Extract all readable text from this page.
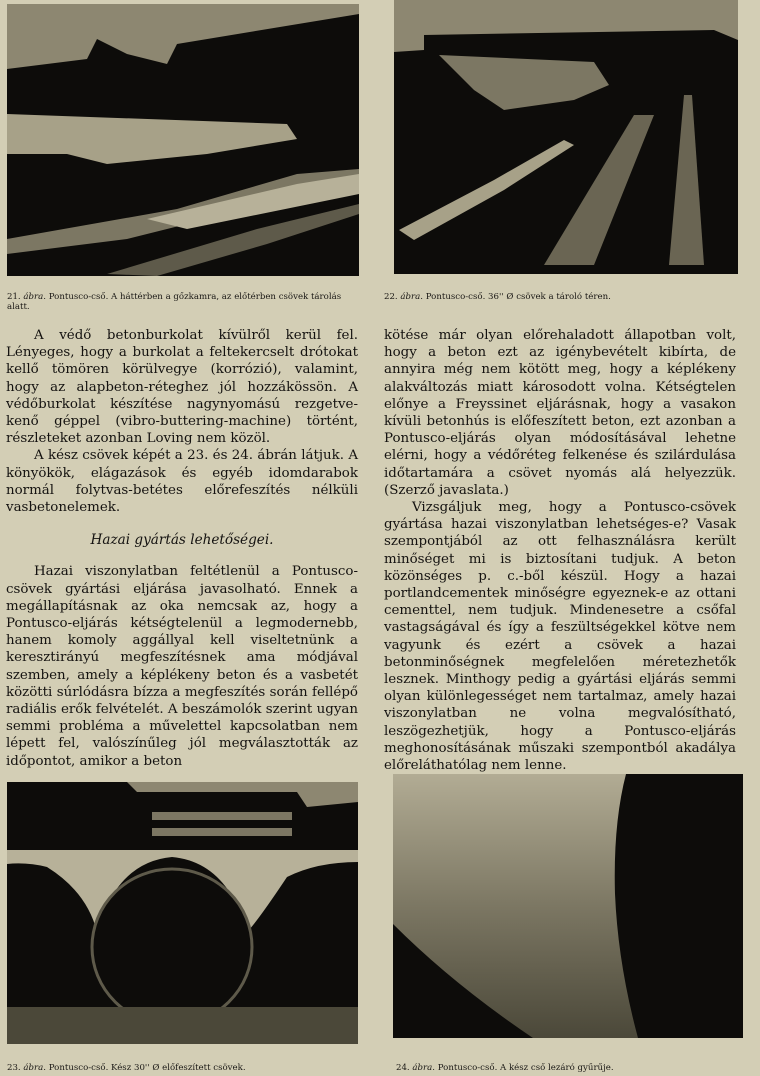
21. ábra. Pontusco-cső. A háttérben a gőzkamra, az előtérben csövek tárolás alatt.
22. ábra. Pontusco-cső. 36'' Ø csövek a tároló téren.

A védő betonburkolat kívülről kerül fel. Lényeges, hogy a burkolat a feltekercselt drótokat kellő tömören körülvegye (korrózió), valamint, hogy az alapbeton-réteghez jól hozzákössön. A védőburkolat készítése nagynyomású rezgetve-kenő géppel (vibro-buttering-machine) történt, részleteket azonban Loving nem közöl.

A kész csövek képét a 23. és 24. ábrán látjuk. A könyökök, elágazások és egyéb idomdarabok normál folytvas-betétes előrefeszítés nélküli vasbetonelemek.

Hazai gyártás lehetőségei.

Hazai viszonylatban feltétlenül a Pontusco-csövek gyártási eljárása javasolható. Ennek a megállapításnak az oka nemcsak az, hogy a Pontusco-eljárás kétségtelenül a legmodernebb, hanem komoly aggállyal kell viseltetnünk a keresztirányú megfeszítésnek ama módjával szemben, amely a képlékeny beton és a vasbetét közötti súrlódásra bízza a megfeszítés során fellépő radiális erők felvételét. A beszámolók szerint ugyan semmi probléma a művelettel kapcsolatban nem lépett fel, valószínűleg jól megválasztották az időpontot, amikor a beton

kötése már olyan előrehaladott állapotban volt, hogy a beton ezt az igénybevételt kibírta, de annyira még nem kötött meg, hogy a képlékeny alakváltozás miatt károsodott volna. Kétségtelen előnye a Freyssinet eljárásnak, hogy a vasakon kívüli betonhús is előfeszített beton, ezt azonban a Pontusco-eljárás olyan módosításával lehetne elérni, hogy a védőréteg felkenése és szilárdulása időtartamára a csövet nyomás alá helyezzük. (Szerző javaslata.)

Vizsgáljuk meg, hogy a Pontusco-csövek gyártása hazai viszonylatban lehetséges-e? Vasak szempontjából az ott felhasználásra került minőséget mi is biztosítani tudjuk. A beton közönséges p. c.-ből készül. Hogy a hazai portlandcementek minőségre egyeznek-e az ottani cementtel, nem tudjuk. Mindenesetre a csőfal vastagságával és így a feszültségekkel kötve nem vagyunk és ezért a csövek a hazai betonminőségnek megfelelően méretezhetők lesznek. Minthogy pedig a gyártási eljárás semmi olyan különlegességet nem tartalmaz, amely hazai viszonylatban ne volna megvalósítható, leszögezhetjük, hogy a Pontusco-eljárás meghonosításának műszaki szempontból akadálya előreláthatólag nem lenne.

23. ábra. Pontusco-cső. Kész 30'' Ø előfeszített csövek.	24. ábra. Pontusco-cső. A kész cső lezáró gyűrűje.
